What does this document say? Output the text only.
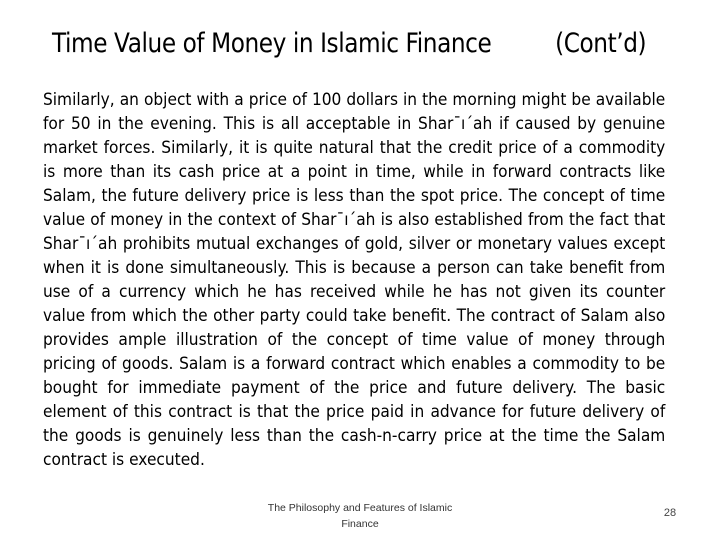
Time Value of Money in Islamic Finance (Cont’d)
Similarly, an object with a price of 100 dollars in the morning might be available for 50 in the evening. This is all acceptable in Shar¯ı´ah if caused by genuine market forces. Similarly, it is quite natural that the credit price of a commodity is more than its cash price at a point in time, while in forward contracts like Salam, the future delivery price is less than the spot price. The concept of time value of money in the context of Shar¯ı´ah is also established from the fact that Shar¯ı´ah prohibits mutual exchanges of gold, silver or monetary values except when it is done simultaneously. This is because a person can take benefit from use of a currency which he has received while he has not given its counter value from which the other party could take benefit. The contract of Salam also provides ample illustration of the concept of time value of money through pricing of goods. Salam is a forward contract which enables a commodity to be bought for immediate payment of the price and future delivery. The basic element of this contract is that the price paid in advance for future delivery of the goods is genuinely less than the cash-n-carry price at the time the Salam contract is executed.
The Philosophy and Features of Islamic Finance
28
